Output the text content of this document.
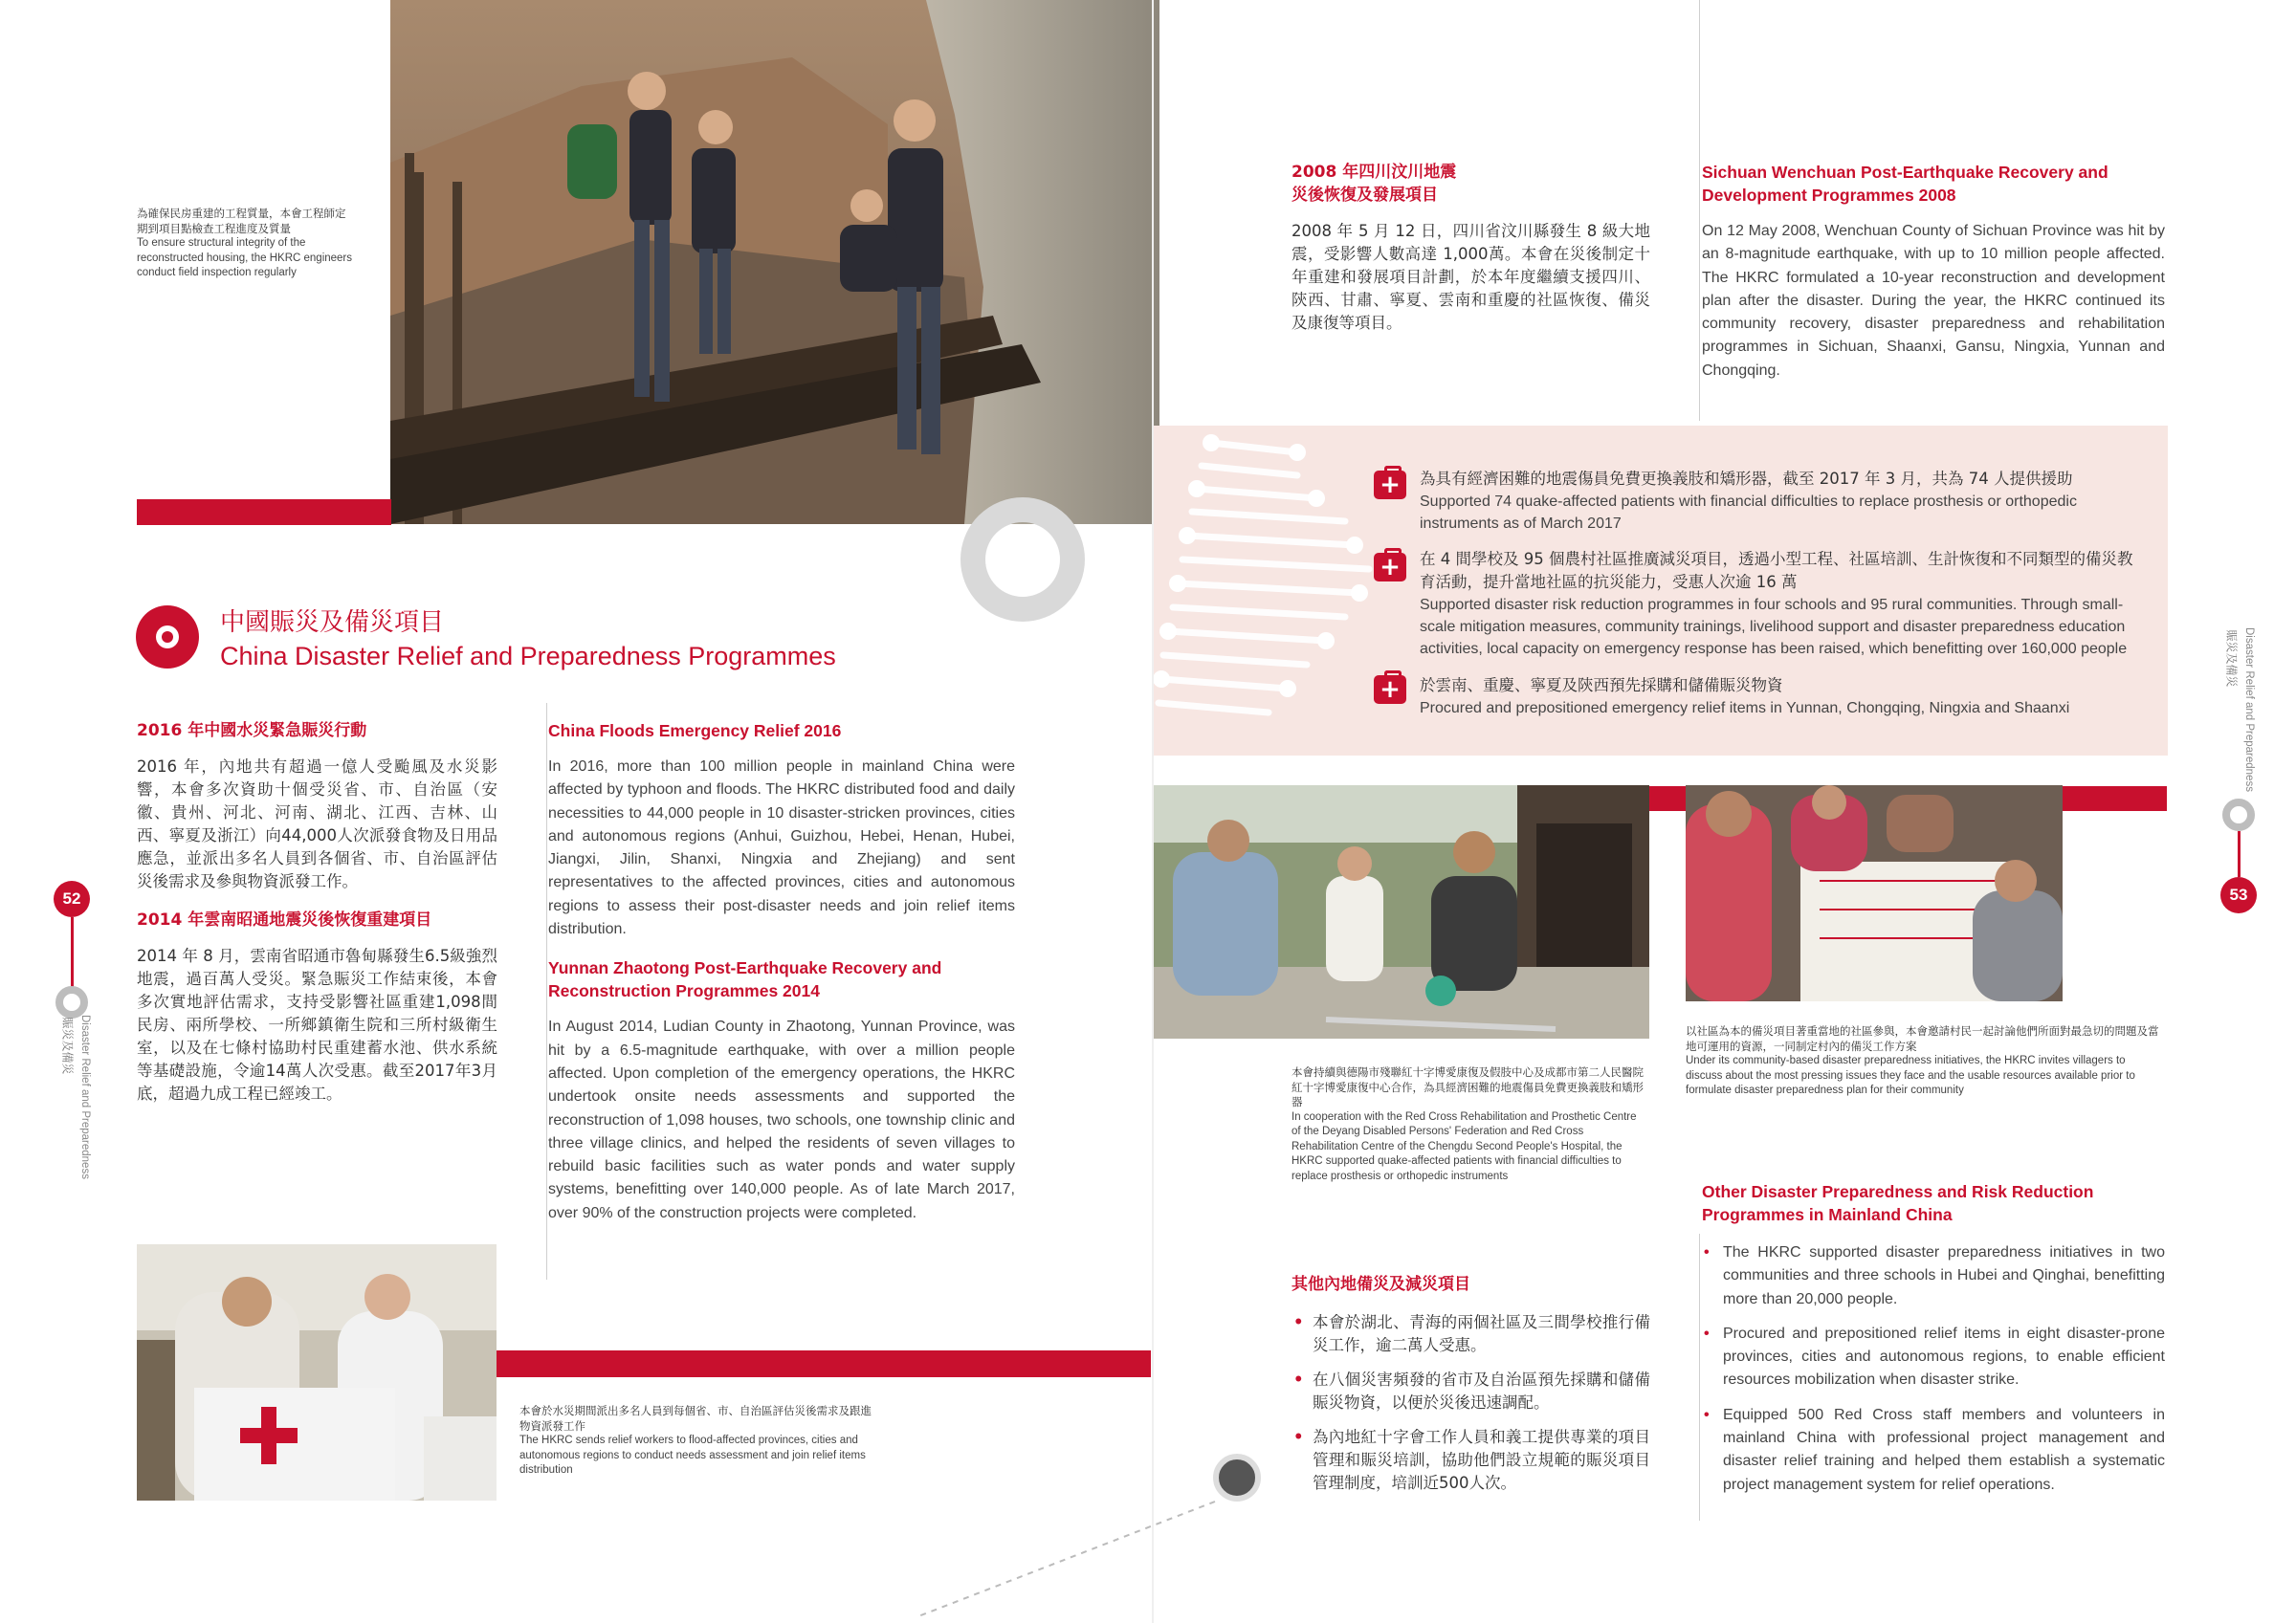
為確保民房重建的工程質量，本會工程師定期到項目點檢查工程進度及質量
To ensure structural integrity of the reconstructed housing, the HKRC engineers conduct field inspection regularly
中國賑災及備災項目
China Disaster Relief and Preparedness Programmes
2016 年中國水災緊急賑災行動
2016 年，內地共有超過一億人受颱風及水災影響，本會多次資助十個受災省、市、自治區（安徽、貴州、河北、河南、湖北、江西、吉林、山西、寧夏及浙江）向44,000人次派發食物及日用品應急，並派出多名人員到各個省、市、自治區評估災後需求及參與物資派發工作。
2014 年雲南昭通地震災後恢復重建項目
2014 年 8 月，雲南省昭通市魯甸縣發生6.5級強烈地震，過百萬人受災。緊急賑災工作結束後，本會多次實地評估需求，支持受影響社區重建1,098間民房、兩所學校、一所鄉鎮衛生院和三所村級衛生室，以及在七條村協助村民重建蓄水池、供水系統等基礎設施，令逾14萬人次受惠。截至2017年3月底，超過九成工程已經竣工。
China Floods Emergency Relief 2016
In 2016, more than 100 million people in mainland China were affected by typhoon and floods. The HKRC distributed food and daily necessities to 44,000 people in 10 disaster-stricken provinces, cities and autonomous regions (Anhui, Guizhou, Hebei, Henan, Hubei, Jiangxi, Jilin, Shanxi, Ningxia and Zhejiang) and sent representatives to the affected provinces, cities and autonomous regions to assess their post-disaster needs and join relief items distribution.
Yunnan Zhaotong Post-Earthquake Recovery and Reconstruction Programmes 2014
In August 2014, Ludian County in Zhaotong, Yunnan Province, was hit by a 6.5-magnitude earthquake, with over a million people affected. Upon completion of the emergency operations, the HKRC undertook onsite needs assessments and supported the reconstruction of 1,098 houses, two schools, one township clinic and three village clinics, and helped the residents of seven villages to rebuild basic facilities such as water ponds and water supply systems, benefitting over 140,000 people. As of late March 2017, over 90% of the construction projects were completed.
52
賑災及備災 Disaster Relief and Preparedness
本會於水災期間派出多名人員到每個省、市、自治區評估災後需求及跟進物資派發工作
The HKRC sends relief workers to flood-affected provinces, cities and autonomous regions to conduct needs assessment and join relief items distribution
2008 年四川汶川地震
災後恢復及發展項目
2008 年 5 月 12 日，四川省汶川縣發生 8 級大地震，受影響人數高達 1,000萬。本會在災後制定十年重建和發展項目計劃，於本年度繼續支援四川、陝西、甘肅、寧夏、雲南和重慶的社區恢復、備災及康復等項目。
Sichuan Wenchuan Post-Earthquake Recovery and Development Programmes 2008
On 12 May 2008, Wenchuan County of Sichuan Province was hit by an 8-magnitude earthquake, with up to 10 million people affected. The HKRC formulated a 10-year reconstruction and development plan after the disaster. During the year, the HKRC continued its community recovery, disaster preparedness and rehabilitation programmes in Sichuan, Shaanxi, Gansu, Ningxia, Yunnan and Chongqing.
+
為具有經濟困難的地震傷員免費更換義肢和矯形器，截至 2017 年 3 月，共為 74 人提供援助
Supported 74 quake-affected patients with financial difficulties to replace prosthesis or orthopedic instruments as of March 2017
+
在 4 間學校及 95 個農村社區推廣減災項目，透過小型工程、社區培訓、生計恢復和不同類型的備災教育活動，提升當地社區的抗災能力，受惠人次逾 16 萬
Supported disaster risk reduction programmes in four schools and 95 rural communities. Through small-scale mitigation measures, community trainings, livelihood support and disaster preparedness education activities, local capacity on emergency response has been raised, which benefitting over 160,000 people
+
於雲南、重慶、寧夏及陝西預先採購和儲備賑災物資
Procured and prepositioned emergency relief items in Yunnan, Chongqing, Ningxia and Shaanxi
以社區為本的備災項目著重當地的社區參與，本會邀請村民一起討論他們所面對最急切的問題及當地可運用的資源，一同制定村內的備災工作方案
Under its community-based disaster preparedness initiatives, the HKRC invites villagers to discuss about the most pressing issues they face and the usable resources available prior to formulate disaster preparedness plan for their community
本會持續與德陽市殘聯紅十字博愛康復及假肢中心及成都市第二人民醫院紅十字博愛康復中心合作，為具經濟困難的地震傷員免費更換義肢和矯形器
In cooperation with the Red Cross Rehabilitation and Prosthetic Centre of the Deyang Disabled Persons' Federation and Red Cross Rehabilitation Centre of the Chengdu Second People's Hospital, the HKRC supported quake-affected patients with financial difficulties to replace prosthesis or orthopedic instruments
其他內地備災及減災項目
• 本會於湖北、青海的兩個社區及三間學校推行備災工作，逾二萬人受惠。
• 在八個災害頻發的省市及自治區預先採購和儲備賑災物資，以便於災後迅速調配。
• 為內地紅十字會工作人員和義工提供專業的項目管理和賑災培訓，協助他們設立規範的賑災項目管理制度，培訓近500人次。
Other Disaster Preparedness and Risk Reduction Programmes in Mainland China
• The HKRC supported disaster preparedness initiatives in two communities and three schools in Hubei and Qinghai, benefitting more than 20,000 people.
• Procured and prepositioned relief items in eight disaster-prone provinces, cities and autonomous regions, to enable efficient resources mobilization when disaster strike.
• Equipped 500 Red Cross staff members and volunteers in mainland China with professional project management and disaster relief training and helped them establish a systematic project management system for relief operations.
Disaster Relief and Preparedness
賑災及備災
53
